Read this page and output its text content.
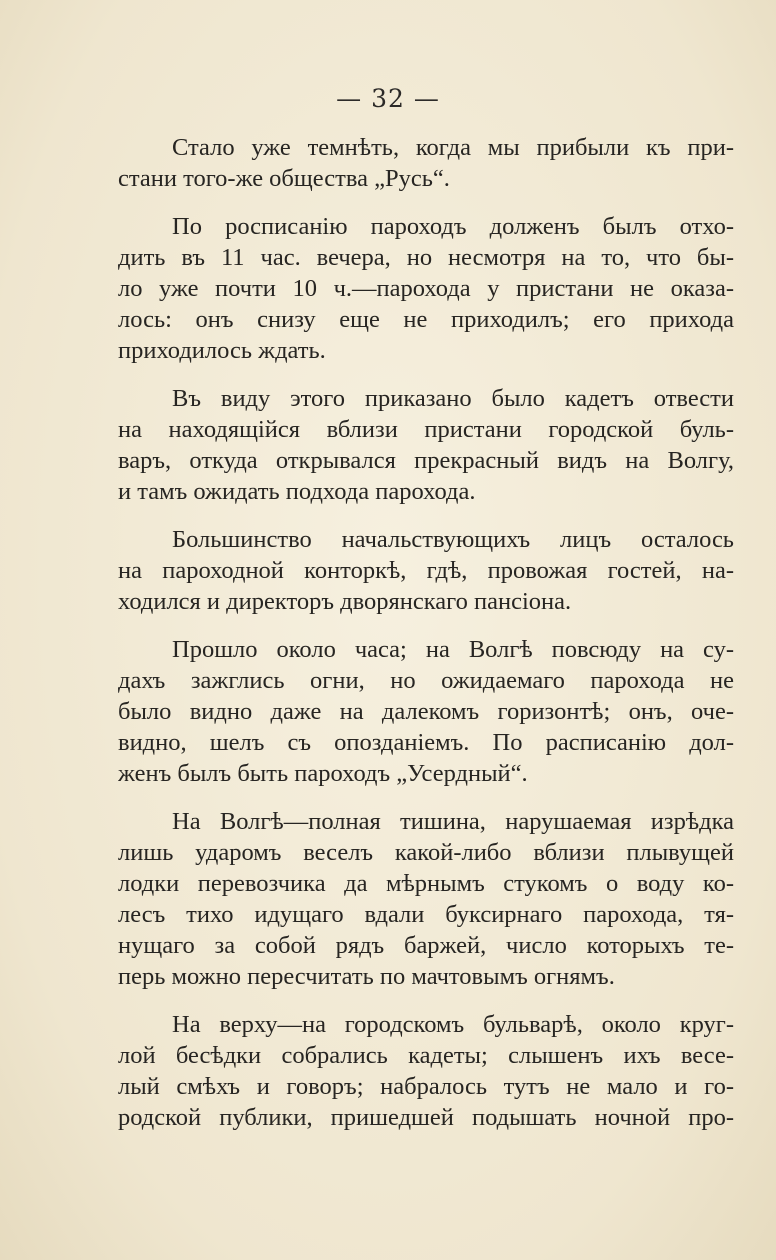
— 32 —
Стало уже темнѣть, когда мы прибыли къ при-
стани того-же общества „Русь“.
По росписанію пароходъ долженъ былъ отхо-
дить въ 11 час. вечера, но несмотря на то, что бы-
ло уже почти 10 ч.—парохода у пристани не оказа-
лось: онъ снизу еще не приходилъ; его прихода
приходилось ждать.
Въ виду этого приказано было кадетъ отвести
на находящійся вблизи пристани городской буль-
варъ, откуда открывался прекрасный видъ на Волгу,
и тамъ ожидать подхода парохода.
Большинство начальствующихъ лицъ осталось
на пароходной конторкѣ, гдѣ, провожая гостей, на-
ходился и директоръ дворянскаго пансіона.
Прошло около часа; на Волгѣ повсюду на су-
дахъ зажглись огни, но ожидаемаго парохода не
было видно даже на далекомъ горизонтѣ; онъ, оче-
видно, шелъ съ опозданіемъ. По расписанію дол-
женъ былъ быть пароходъ „Усердный“.
На Волгѣ—полная тишина, нарушаемая изрѣдка
лишь ударомъ веселъ какой-либо вблизи плывущей
лодки перевозчика да мѣрнымъ стукомъ о воду ко-
лесъ тихо идущаго вдали буксирнаго парохода, тя-
нущаго за собой рядъ баржей, число которыхъ те-
перь можно пересчитать по мачтовымъ огнямъ.
На верху—на городскомъ бульварѣ, около круг-
лой бесѣдки собрались кадеты; слышенъ ихъ весе-
лый смѣхъ и говоръ; набралось тутъ не мало и го-
родской публики, пришедшей подышать ночной про-
